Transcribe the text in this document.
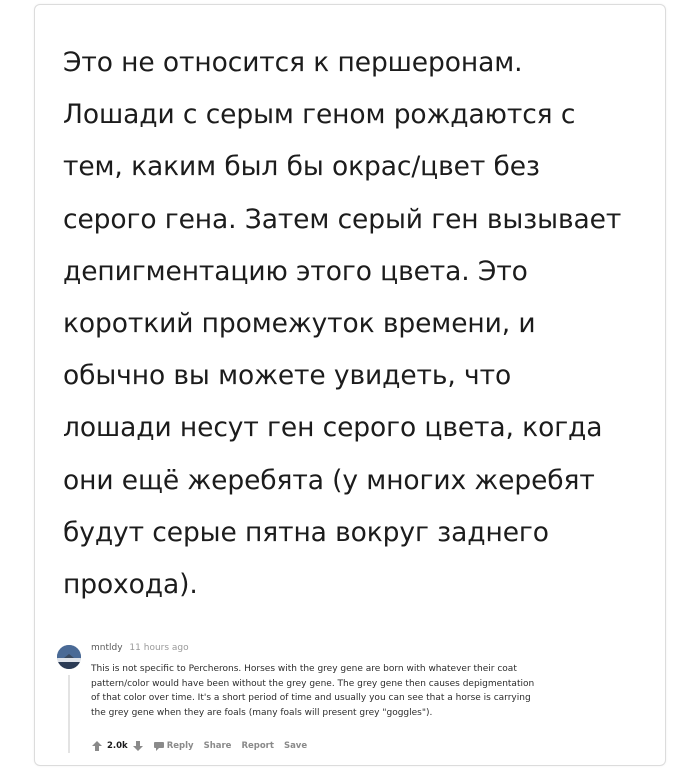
Это не относится к першеронам.
Лошади с серым геном рождаются с
тем, каким был бы окрас/цвет без
серого гена. Затем серый ген вызывает
депигментацию этого цвета. Это
короткий промежуток времени, и
обычно вы можете увидеть, что
лошади несут ген серого цвета, когда
они ещё жеребята (у многих жеребят
будут серые пятна вокруг заднего
прохода).
mntldy 11 hours ago
This is not specific to Percherons. Horses with the grey gene are born with whatever their coat
pattern/color would have been without the grey gene. The grey gene then causes depigmentation
of that color over time. It's a short period of time and usually you can see that a horse is carrying
the grey gene when they are foals (many foals will present grey "goggles").
2.0k	Reply Share Report Save
